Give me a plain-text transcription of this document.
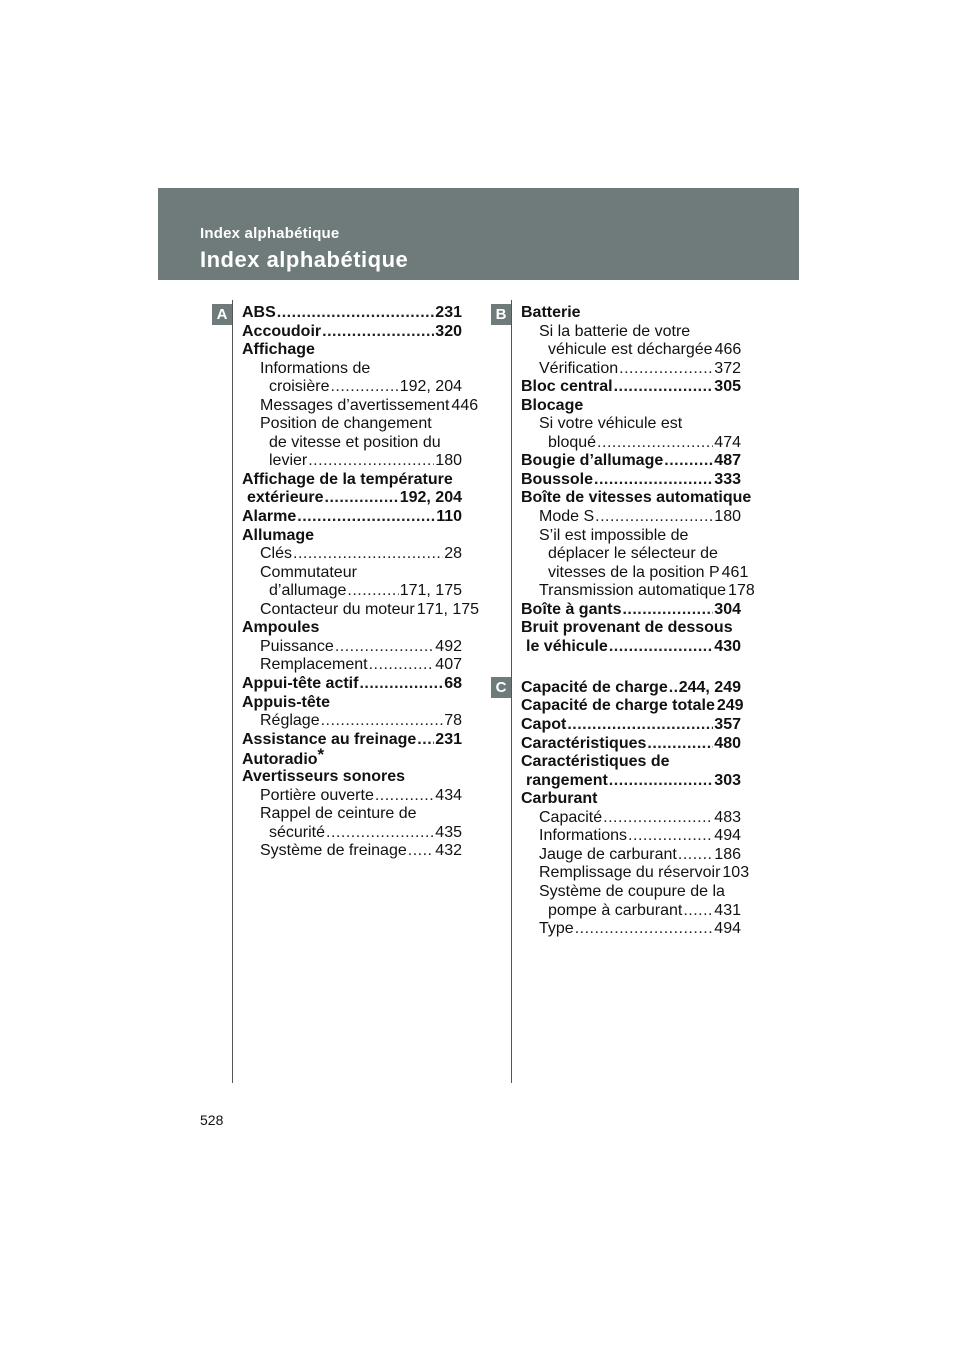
Index alphabétique
Index alphabétique
A	B
C
528
ABS .....	231
Accoudoir .....	320
Affichage
Informations de
croisière .....	192, 204
Messages d’avertissement 446
Position de changement
de vitesse et position du
levier .....	180
Affichage de la température
extérieure .....	192, 204
Alarme .....	110
Allumage
Clés .....	28
Commutateur
d’allumage .....	171, 175
Contacteur du moteur 171, 175
Ampoules
Puissance .....	492
Remplacement .....	407
Appui-tête actif .....	68
Appuis-tête
Réglage .....	78
Assistance au freinage ..... 231
Autoradio *
Avertisseurs sonores
Portière ouverte .....	434
Rappel de ceinture de
sécurité .....	435
Système de freinage ..... 432
Batterie
Si la batterie de votre
véhicule est déchargée 466
Vérification .....	372
Bloc central .....	305
Blocage
Si votre véhicule est
bloqué .....	474
Bougie d’allumage .....	487
Boussole .....	333
Boîte de vitesses automatique
Mode S .....	180
S’il est impossible de
déplacer le sélecteur de
vitesses de la position P 461
Transmission automatique 178
Boîte à gants .....	304
Bruit provenant de dessous
le véhicule .....	430
Capacité de charge ..... 244, 249
Capacité de charge totale 249
Capot .....	357
Caractéristiques .....	480
Caractéristiques de
rangement .....	303
Carburant
Capacité .....	483
Informations .....	494
Jauge de carburant ..... 186
Remplissage du réservoir 103
Système de coupure de la
pompe à carburant ..... 431
Type .....	494
